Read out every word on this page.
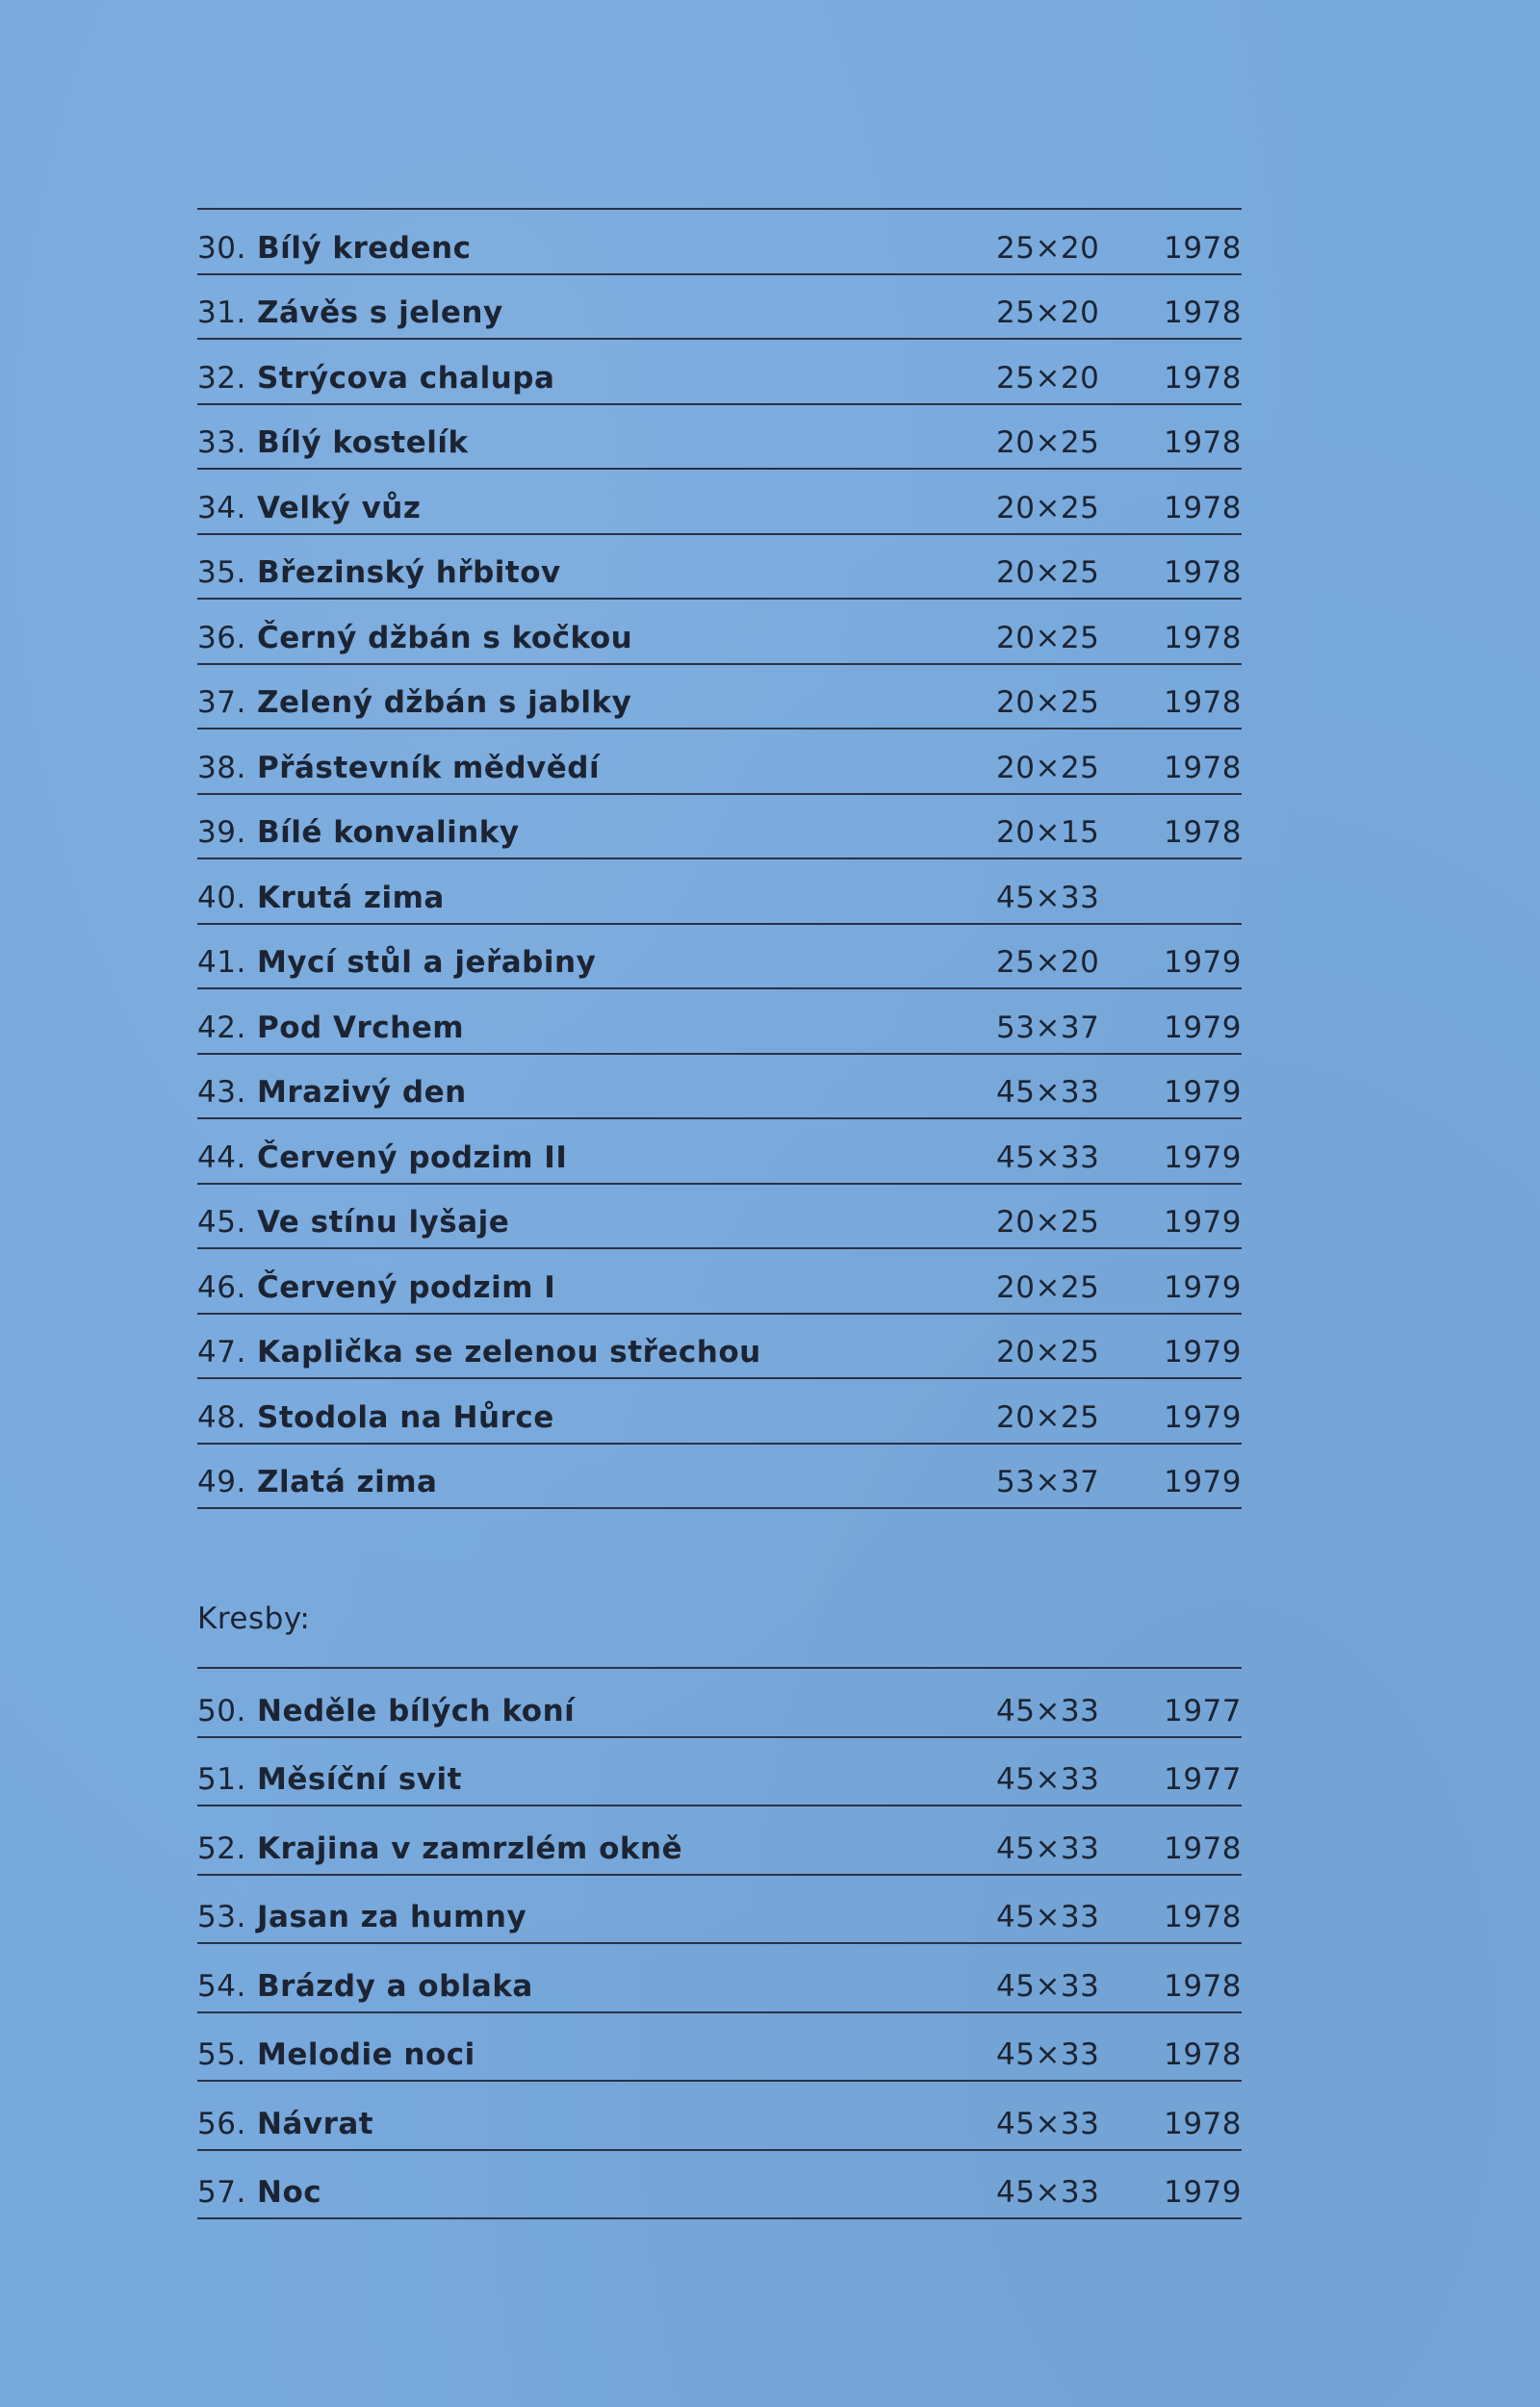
30. Bílý kredenc	25×20 1978
31. Závěs s jeleny	25×20 1978
32. Strýcova chalupa	25×20 1978
33. Bílý kostelík	20×25 1978
34. Velký vůz	20×25 1978
35. Březinský hřbitov	20×25 1978
36. Černý džbán s kočkou	20×25 1978
37. Zelený džbán s jablky	20×25 1978
38. Přástevník mědvědí	20×25 1978
39. Bílé konvalinky	20×15 1978
40. Krutá zima	45×33
41. Mycí stůl a jeřabiny	25×20 1979
42. Pod Vrchem	53×37 1979
43. Mrazivý den	45×33 1979
44. Červený podzim II	45×33 1979
45. Ve stínu lyšaje	20×25 1979
46. Červený podzim I	20×25 1979
47. Kaplička se zelenou střechou	20×25 1979
48. Stodola na Hůrce	20×25 1979
49. Zlatá zima	53×37 1979
Kresby:
50. Neděle bílých koní	45×33 1977
51. Měsíční svit	45×33 1977
52. Krajina v zamrzlém okně	45×33 1978
53. Jasan za humny	45×33 1978
54. Brázdy a oblaka	45×33 1978
55. Melodie noci	45×33 1978
56. Návrat	45×33 1978
57. Noc	45×33 1979
